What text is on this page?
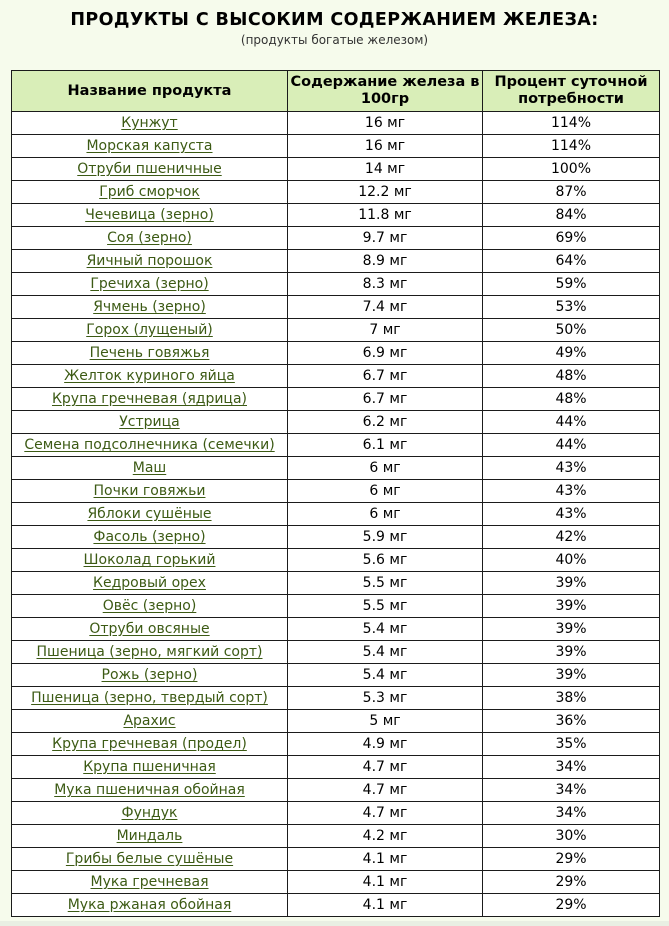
ПРОДУКТЫ С ВЫСОКИМ СОДЕРЖАНИЕМ ЖЕЛЕЗА:
(продукты богатые железом)
Название продукта	Содержание железа в 100гр	Процент суточной потребности
Кунжут	16 мг	114%
Морская капуста	16 мг	114%
Отруби пшеничные	14 мг	100%
Гриб сморчок	12.2 мг	87%
Чечевица (зерно)	11.8 мг	84%
Соя (зерно)	9.7 мг	69%
Яичный порошок	8.9 мг	64%
Гречиха (зерно)	8.3 мг	59%
Ячмень (зерно)	7.4 мг	53%
Горох (лущеный)	7 мг	50%
Печень говяжья	6.9 мг	49%
Желток куриного яйца	6.7 мг	48%
Крупа гречневая (ядрица)	6.7 мг	48%
Устрица	6.2 мг	44%
Семена подсолнечника (семечки)	6.1 мг	44%
Маш	6 мг	43%
Почки говяжьи	6 мг	43%
Яблоки сушёные	6 мг	43%
Фасоль (зерно)	5.9 мг	42%
Шоколад горький	5.6 мг	40%
Кедровый орех	5.5 мг	39%
Овёс (зерно)	5.5 мг	39%
Отруби овсяные	5.4 мг	39%
Пшеница (зерно, мягкий сорт)	5.4 мг	39%
Рожь (зерно)	5.4 мг	39%
Пшеница (зерно, твердый сорт)	5.3 мг	38%
Арахис	5 мг	36%
Крупа гречневая (продел)	4.9 мг	35%
Крупа пшеничная	4.7 мг	34%
Мука пшеничная обойная	4.7 мг	34%
Фундук	4.7 мг	34%
Миндаль	4.2 мг	30%
Грибы белые сушёные	4.1 мг	29%
Мука гречневая	4.1 мг	29%
Мука ржаная обойная	4.1 мг	29%
